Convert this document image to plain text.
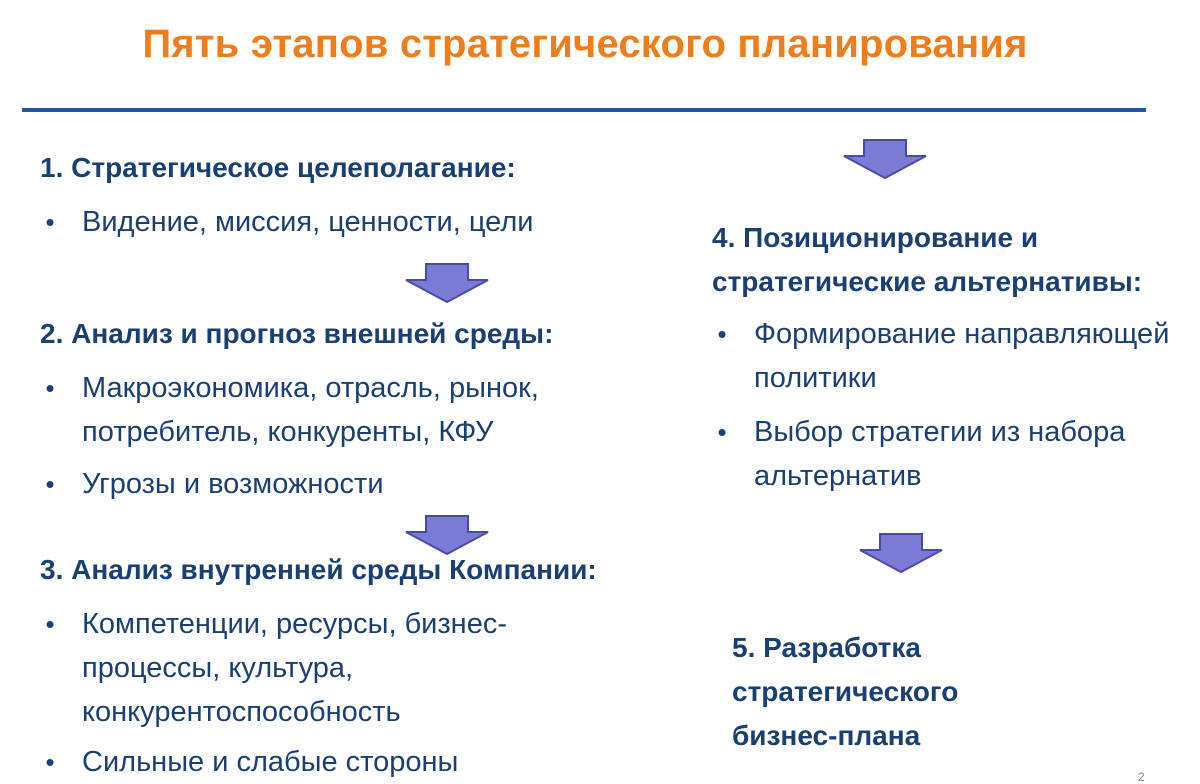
Пять этапов стратегического планирования
1. Стратегическое целеполагание:
• Видение, миссия, ценности, цели
2. Анализ и прогноз внешней среды:
• Макроэкономика, отрасль, рынок, потребитель, конкуренты, КФУ
• Угрозы и возможности
3. Анализ внутренней среды Компании:
• Компетенции, ресурсы, бизнес-процессы, культура, конкурентоспособность
• Сильные и слабые стороны
4. Позиционирование и стратегические альтернативы:
• Формирование направляющей политики
• Выбор стратегии из набора альтернатив
5. Разработка стратегического бизнес-плана
2
